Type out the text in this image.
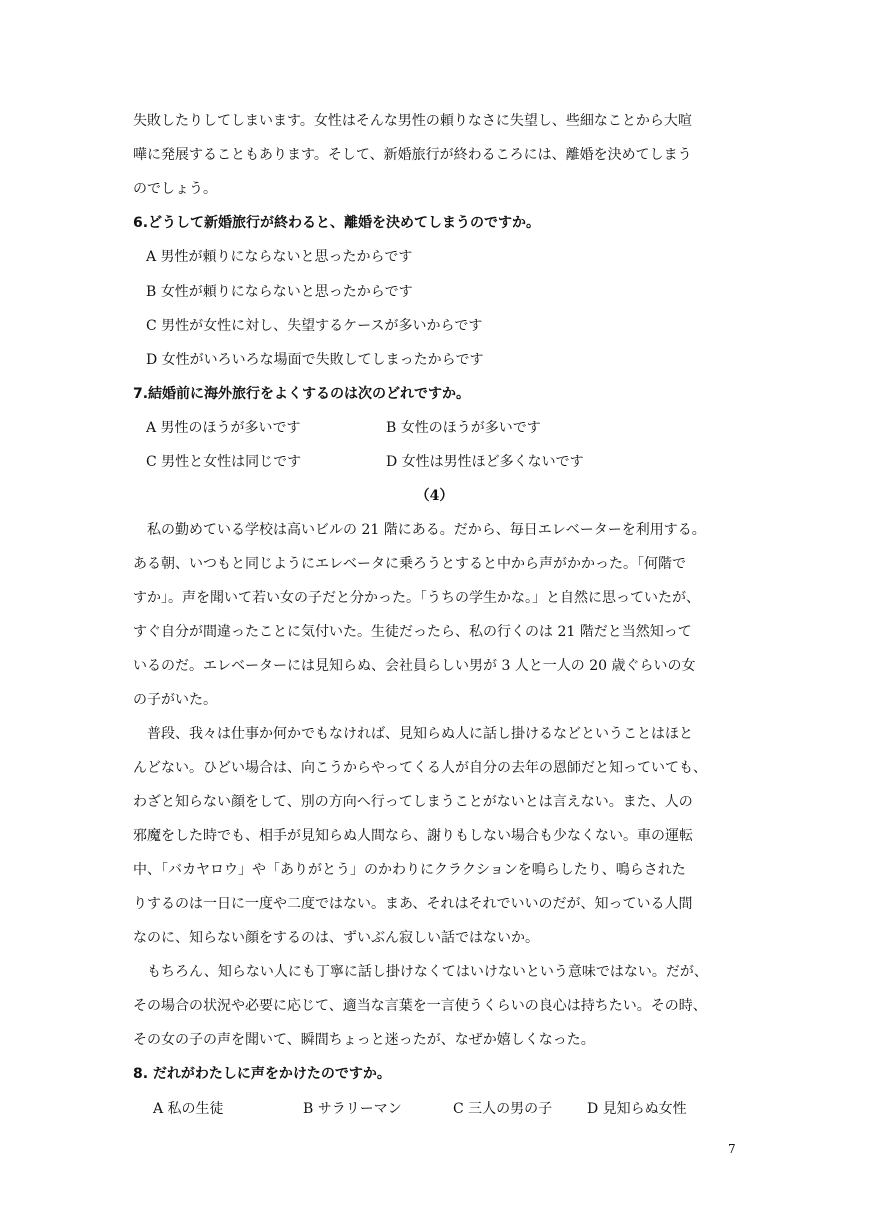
失敗したりしてしまいます。女性はそんな男性の頼りなさに失望し、些細なことから大喧
嘩に発展することもあります。そして、新婚旅行が終わるころには、離婚を決めてしまう
のでしょう。
6.どうして新婚旅行が終わると、離婚を決めてしまうのですか。
A 男性が頼りにならないと思ったからです
B 女性が頼りにならないと思ったからです
C 男性が女性に対し、失望するケースが多いからです
D 女性がいろいろな場面で失敗してしまったからです
7.結婚前に海外旅行をよくするのは次のどれですか。
A 男性のほうが多いです	B 女性のほうが多いです
C 男性と女性は同じです	D 女性は男性ほど多くないです
（4）
　私の勤めている学校は高いビルの 21 階にある。だから、毎日エレベーターを利用する。
ある朝、いつもと同じようにエレベータに乗ろうとすると中から声がかかった。「何階で
すか」。声を聞いて若い女の子だと分かった。「うちの学生かな。」と自然に思っていたが、
すぐ自分が間違ったことに気付いた。生徒だったら、私の行くのは 21 階だと当然知って
いるのだ。エレベーターには見知らぬ、会社員らしい男が 3 人と一人の 20 歳ぐらいの女
の子がいた。
　普段、我々は仕事か何かでもなければ、見知らぬ人に話し掛けるなどということはほと
んどない。ひどい場合は、向こうからやってくる人が自分の去年の恩師だと知っていても、
わざと知らない顔をして、別の方向へ行ってしまうことがないとは言えない。また、人の
邪魔をした時でも、相手が見知らぬ人間なら、謝りもしない場合も少なくない。車の運転
中、「バカヤロウ」や「ありがとう」のかわりにクラクションを鳴らしたり、鳴らされた
りするのは一日に一度や二度ではない。まあ、それはそれでいいのだが、知っている人間
なのに、知らない顔をするのは、ずいぶん寂しい話ではないか。
　もちろん、知らない人にも丁寧に話し掛けなくてはいけないという意味ではない。だが、
その場合の状況や必要に応じて、適当な言葉を一言使うくらいの良心は持ちたい。その時、
その女の子の声を聞いて、瞬間ちょっと迷ったが、なぜか嬉しくなった。
8. だれがわたしに声をかけたのですか。
A 私の生徒	B サラリーマン	C 三人の男の子 D 見知らぬ女性
7
